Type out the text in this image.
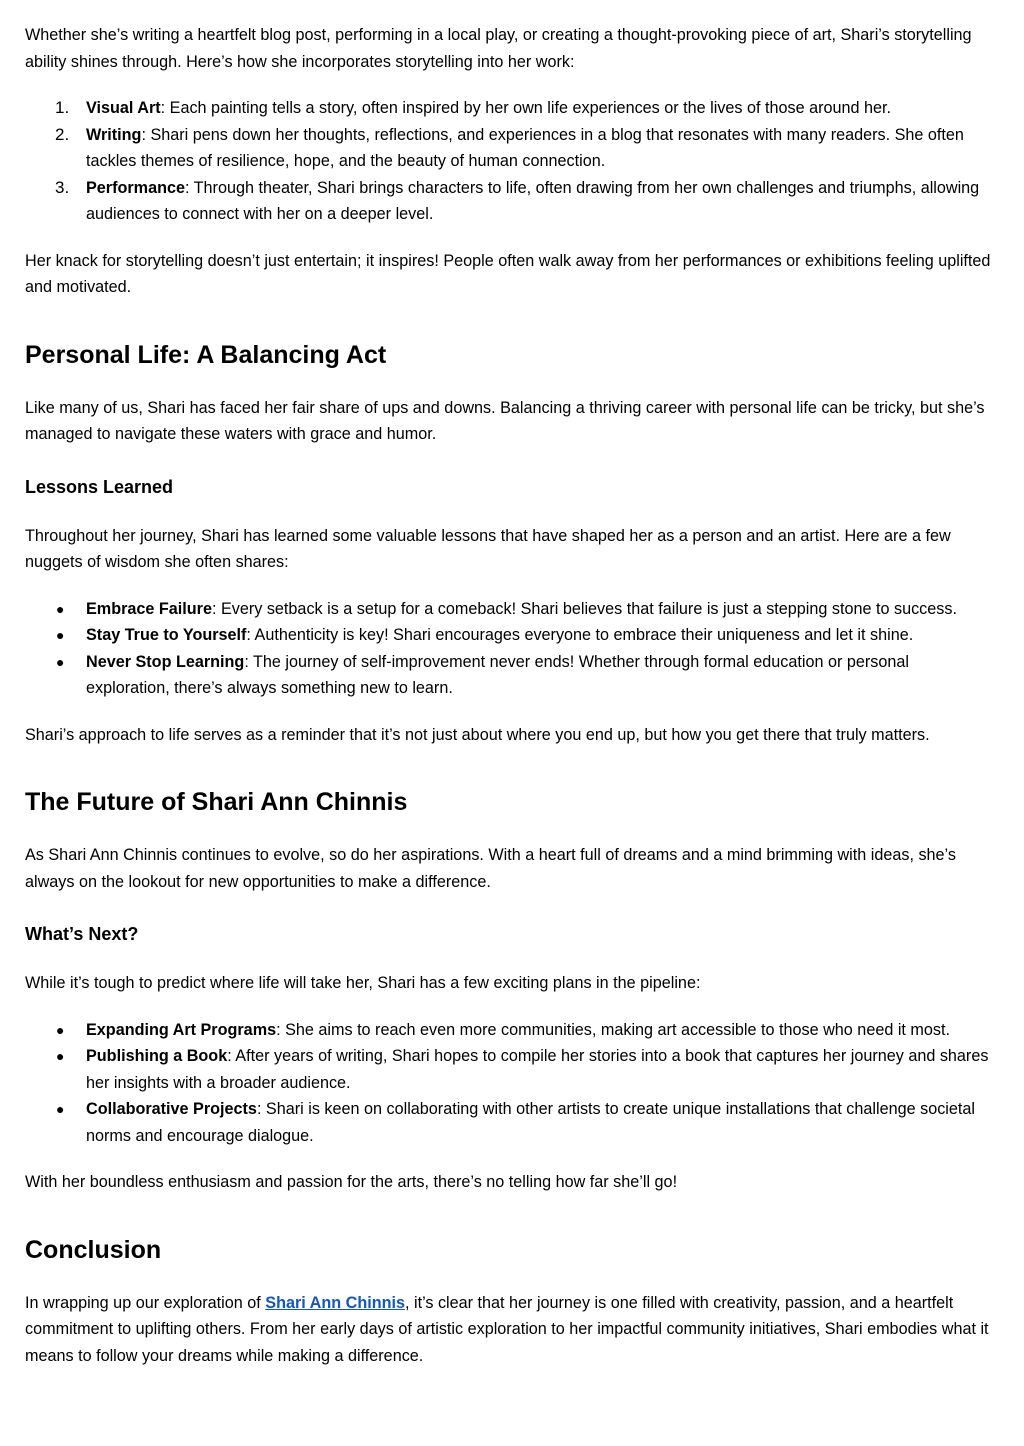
Whether she’s writing a heartfelt blog post, performing in a local play, or creating a thought-provoking piece of art, Shari’s storytelling ability shines through. Here’s how she incorporates storytelling into her work:

1. Visual Art: Each painting tells a story, often inspired by her own life experiences or the lives of those around her.
2. Writing: Shari pens down her thoughts, reflections, and experiences in a blog that resonates with many readers. She often tackles themes of resilience, hope, and the beauty of human connection.
3. Performance: Through theater, Shari brings characters to life, often drawing from her own challenges and triumphs, allowing audiences to connect with her on a deeper level.

Her knack for storytelling doesn’t just entertain; it inspires! People often walk away from her performances or exhibitions feeling uplifted and motivated.

Personal Life: A Balancing Act

Like many of us, Shari has faced her fair share of ups and downs. Balancing a thriving career with personal life can be tricky, but she’s managed to navigate these waters with grace and humor.

Lessons Learned

Throughout her journey, Shari has learned some valuable lessons that have shaped her as a person and an artist. Here are a few nuggets of wisdom she often shares:

● Embrace Failure: Every setback is a setup for a comeback! Shari believes that failure is just a stepping stone to success.
● Stay True to Yourself: Authenticity is key! Shari encourages everyone to embrace their uniqueness and let it shine.
● Never Stop Learning: The journey of self-improvement never ends! Whether through formal education or personal exploration, there’s always something new to learn.

Shari’s approach to life serves as a reminder that it’s not just about where you end up, but how you get there that truly matters.

The Future of Shari Ann Chinnis

As Shari Ann Chinnis continues to evolve, so do her aspirations. With a heart full of dreams and a mind brimming with ideas, she’s always on the lookout for new opportunities to make a difference.

What’s Next?

While it’s tough to predict where life will take her, Shari has a few exciting plans in the pipeline:

● Expanding Art Programs: She aims to reach even more communities, making art accessible to those who need it most.
● Publishing a Book: After years of writing, Shari hopes to compile her stories into a book that captures her journey and shares her insights with a broader audience.
● Collaborative Projects: Shari is keen on collaborating with other artists to create unique installations that challenge societal norms and encourage dialogue.

With her boundless enthusiasm and passion for the arts, there’s no telling how far she’ll go!

Conclusion

In wrapping up our exploration of Shari Ann Chinnis, it’s clear that her journey is one filled with creativity, passion, and a heartfelt commitment to uplifting others. From her early days of artistic exploration to her impactful community initiatives, Shari embodies what it means to follow your dreams while making a difference.
